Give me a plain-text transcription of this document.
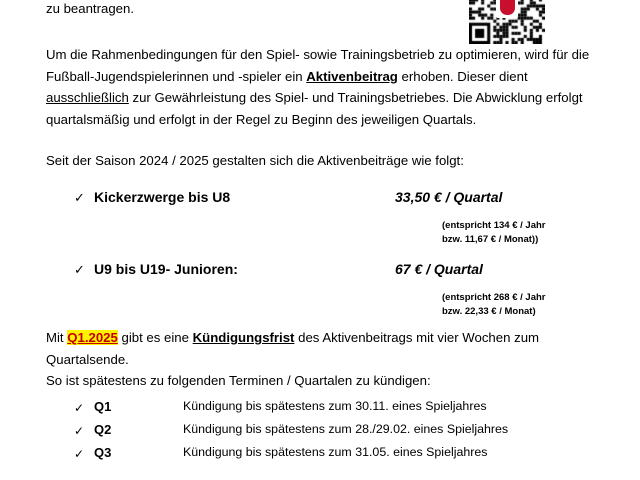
zu beantragen.

Um die Rahmenbedingungen für den Spiel- sowie Trainingsbetrieb zu optimieren, wird für die Fußball-Jugendspielerinnen und -spieler ein Aktivenbeitrag erhoben. Dieser dient ausschließlich zur Gewährleistung des Spiel- und Trainingsbetriebes. Die Abwicklung erfolgt quartalsmäßig und erfolgt in der Regel zu Beginn des jeweiligen Quartals.

Seit der Saison 2024 / 2025 gestalten sich die Aktivenbeiträge wie folgt:

✓ Kickerzwerge bis U8	33,50 € / Quartal
(entspricht 134 € / Jahr
bzw. 11,67 € / Monat))
✓ U9 bis U19- Junioren:	67 € / Quartal
(entspricht 268 € / Jahr
bzw. 22,33 € / Monat)

Mit Q1.2025 gibt es eine Kündigungsfrist des Aktivenbeitrags mit vier Wochen zum Quartalsende.

So ist spätestens zu folgenden Terminen / Quartalen zu kündigen:

✓ Q1	Kündigung bis spätestens zum 30.11. eines Spieljahres
✓ Q2	Kündigung bis spätestens zum 28./29.02. eines Spieljahres
✓ Q3	Kündigung bis spätestens zum 31.05. eines Spieljahres
